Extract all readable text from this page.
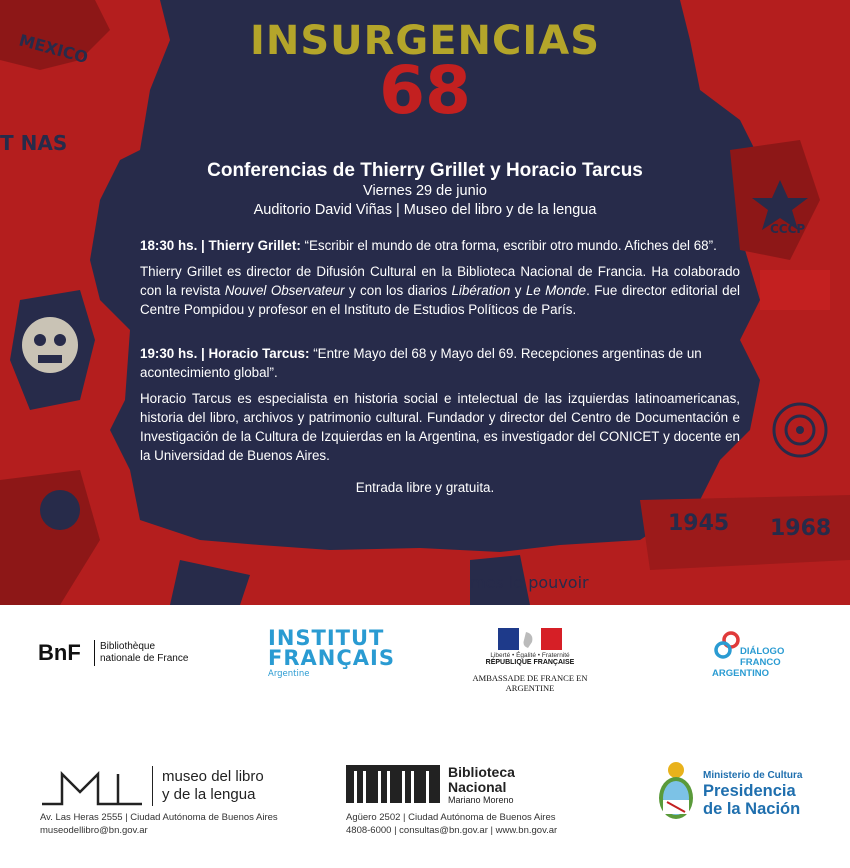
MEXICO
T NAS
CCCP
1945 1968
mes le pouvoir
INSURGENCIAS
68
Conferencias de Thierry Grillet y Horacio Tarcus
Viernes 29 de junio
Auditorio David Viñas | Museo del libro y de la lengua

18:30 hs. | Thierry Grillet: “Escribir el mundo de otra forma, escribir otro mundo. Afiches del 68”.

Thierry Grillet es director de Difusión Cultural en la Biblioteca Nacional de Francia. Ha colaborado con la revista Nouvel Observateur y con los diarios Libération y Le Monde. Fue director editorial del Centre Pompidou y profesor en el Instituto de Estudios Políticos de París.

19:30 hs. | Horacio Tarcus: “Entre Mayo del 68 y Mayo del 69. Recepciones argentinas de un acontecimiento global”.

Horacio Tarcus es especialista en historia social e intelectual de las izquierdas latinoamericanas, historia del libro, archivos y patrimonio cultural. Fundador y director del Centro de Documentación e Investigación de la Cultura de Izquierdas en la Argentina, es investigador del CONICET y docente en la Universidad de Buenos Aires.

Entrada libre y gratuita.
BnF Bibliothèque
nationale de France
INSTITUT
FRANÇAIS
Argentine
Liberté • Égalité • Fraternité
RÉPUBLIQUE FRANÇAISE
AMBASSADE DE FRANCE EN ARGENTINE
DIÁLOGO
FRANCO
ARGENTINO
museo del libro
y de la lengua
Av. Las Heras 2555 | Ciudad Autónoma de Buenos Aires
museodellibro@bn.gov.ar
Biblioteca
Nacional
Mariano Moreno
Agüero 2502 | Ciudad Autónoma de Buenos Aires
4808-6000 | consultas@bn.gov.ar | www.bn.gov.ar
Ministerio de Cultura
Presidencia
de la Nación
